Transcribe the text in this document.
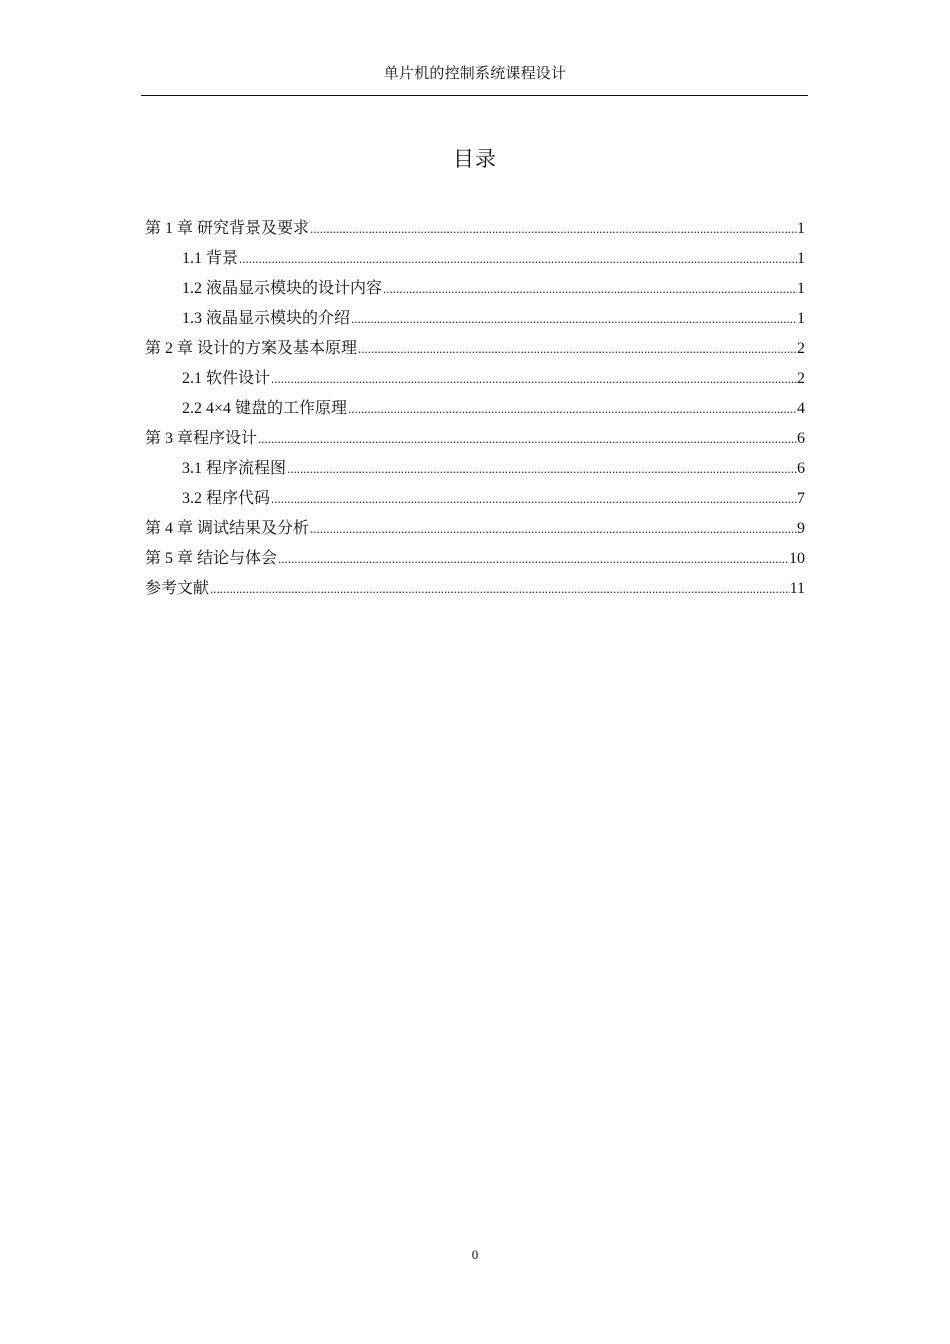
单片机的控制系统课程设计
目录
第 1 章 研究背景及要求 .....	1
1.1 背景 .....	1
1.2 液晶显示模块的设计内容 .....	1
1.3 液晶显示模块的介绍 .....	1
第 2 章 设计的方案及基本原理 .....	2
2.1 软件设计 .....	2
2.2 4×4 键盘的工作原理 .....	4
第 3 章程序设计 .....	6
3.1 程序流程图 .....	6
3.2 程序代码 .....	7
第 4 章 调试结果及分析 .....	9
第 5 章 结论与体会 .....	10
参考文献 .....	11
0
